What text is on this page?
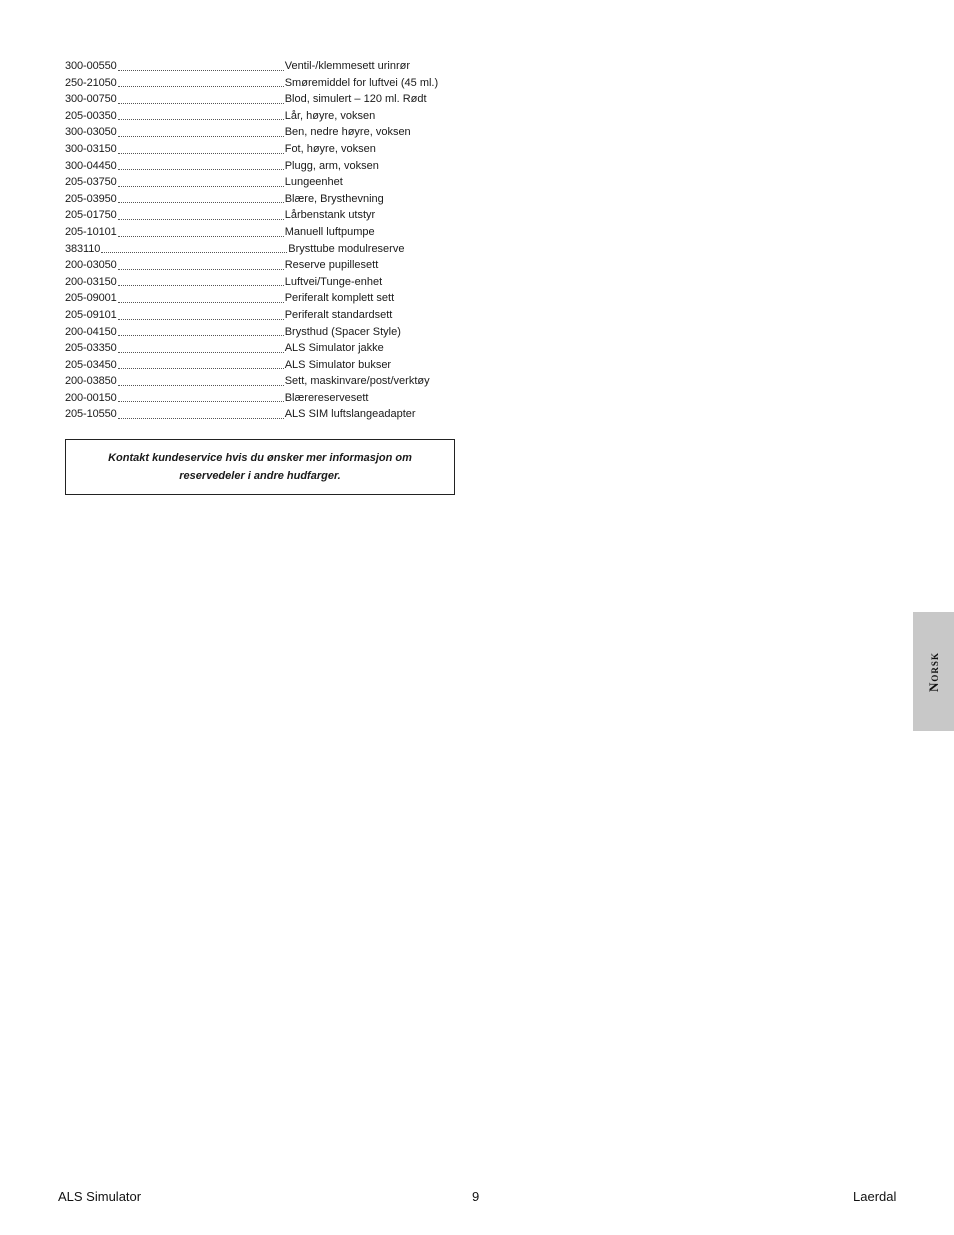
300-00550	Ventil-/klemmesett urinrør
250-21050	Smøremiddel for luftvei (45 ml.)
300-00750	Blod, simulert – 120 ml. Rødt
205-00350	Lår, høyre, voksen
300-03050	Ben, nedre høyre, voksen
300-03150	Fot, høyre, voksen
300-04450	Plugg, arm, voksen
205-03750	Lungeenhet
205-03950	Blære, Brysthevning
205-01750	Lårbenstank utstyr
205-10101	Manuell luftpumpe
383110	Brysttube modulreserve
200-03050	Reserve pupillesett
200-03150	Luftvei/Tunge-enhet
205-09001	Periferalt komplett sett
205-09101	Periferalt standardsett
200-04150	Brysthud (Spacer Style)
205-03350	ALS Simulator jakke
205-03450	ALS Simulator bukser
200-03850	Sett, maskinvare/post/verktøy
200-00150	Blærereservesett
205-10550	ALS SIM luftslangeadapter

Kontakt kundeservice hvis du ønsker mer informasjon om reservedeler i andre hudfarger.

Norsk
ALS Simulator	9	Laerdal
